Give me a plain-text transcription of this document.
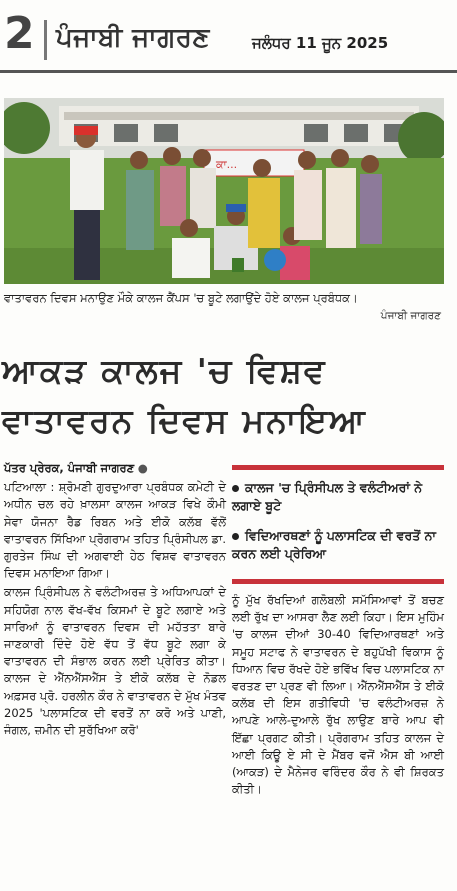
2 ਪੰਜਾਬੀ ਜਾਗਰਣ	ਜਲੰਧਰ 11 ਜੂਨ 2025
ਕਾ...
ਵਾਤਾਵਰਨ ਦਿਵਸ ਮਨਾਉਣ ਮੌਕੇ ਕਾਲਜ ਕੈਂਪਸ 'ਚ ਬੂਟੇ ਲਗਾਉਂਦੇ ਹੋਏ ਕਾਲਜ ਪ੍ਰਬੰਧਕ।
ਪੰਜਾਬੀ ਜਾਗਰਣ
ਆਕੜ ਕਾਲਜ 'ਚ ਵਿਸ਼ਵ
ਵਾਤਾਵਰਨ ਦਿਵਸ ਮਨਾਇਆ

ਪੱਤਰ ਪ੍ਰੇਰਕ, ਪੰਜਾਬੀ ਜਾਗਰਣ ●

ਪਟਿਆਲਾ : ਸ਼੍ਰੋਮਣੀ ਗੁਰਦੁਆਰਾ ਪ੍ਰਬੰਧਕ ਕਮੇਟੀ ਦੇ ਅਧੀਨ ਚਲ ਰਹੇ ਖ਼ਾਲਸਾ ਕਾਲਜ ਆਕੜ ਵਿਖੇ ਕੌਮੀ ਸੇਵਾ ਯੋਜਨਾ ਰੈਡ ਰਿਬਨ ਅਤੇ ਈਕੋ ਕਲੱਬ ਵੱਲੋਂ ਵਾਤਾਵਰਨ ਸਿੱਖਿਆ ਪ੍ਰੋਗਰਾਮ ਤਹਿਤ ਪ੍ਰਿੰਸੀਪਲ ਡਾ. ਗੁਰਤੇਜ ਸਿੰਘ ਦੀ ਅਗਵਾਈ ਹੇਠ ਵਿਸ਼ਵ ਵਾਤਾਵਰਨ ਦਿਵਸ ਮਨਾਇਆ ਗਿਆ।

ਕਾਲਜ ਪ੍ਰਿੰਸੀਪਲ ਨੇ ਵਲੰਟੀਅਰਜ਼ ਤੇ ਅਧਿਆਪਕਾਂ ਦੇ ਸਹਿਯੋਗ ਨਾਲ ਵੱਖ-ਵੱਖ ਕਿਸਮਾਂ ਦੇ ਬੂਟੇ ਲਗਾਏ ਅਤੇ ਸਾਰਿਆਂ ਨੂੰ ਵਾਤਾਵਰਨ ਦਿਵਸ ਦੀ ਮਹੱਤਤਾ ਬਾਰੇ ਜਾਣਕਾਰੀ ਦਿੰਦੇ ਹੋਏ ਵੱਧ ਤੋਂ ਵੱਧ ਬੂਟੇ ਲਗਾ ਕੇ ਵਾਤਾਵਰਨ ਦੀ ਸੰਭਾਲ ਕਰਨ ਲਈ ਪ੍ਰੇਰਿਤ ਕੀਤਾ। ਕਾਲਜ ਦੇ ਐੱਨਐੱਸਐੱਸ ਤੇ ਈਕੋ ਕਲੱਬ ਦੇ ਨੋਡਲ ਅਫ਼ਸਰ ਪ੍ਰੋ. ਹਰਲੀਨ ਕੌਰ ਨੇ ਵਾਤਾਵਰਨ ਦੇ ਮੁੱਖ ਮੰਤਵ 2025 'ਪਲਾਸਟਿਕ ਦੀ ਵਰਤੋਂ ਨਾ ਕਰੋ ਅਤੇ ਪਾਣੀ, ਜੰਗਲ, ਜ਼ਮੀਨ ਦੀ ਸੁਰੱਖਿਆ ਕਰੋ'

ਕਾਲਜ 'ਚ ਪ੍ਰਿੰਸੀਪਲ ਤੇ ਵਲੰਟੀਅਰਾਂ ਨੇ ਲਗਾਏ ਬੂਟੇ
ਵਿਦਿਆਰਥਣਾਂ ਨੂੰ ਪਲਾਸਟਿਕ ਦੀ ਵਰਤੋਂ ਨਾ ਕਰਨ ਲਈ ਪ੍ਰੇਰਿਆ

ਨੂੰ ਮੁੱਖ ਰੱਖਦਿਆਂ ਗਲੋਬਲੀ ਸਮੱਸਿਆਵਾਂ ਤੋਂ ਬਚਣ ਲਈ ਰੁੱਖ ਦਾ ਆਸਰਾ ਲੈਣ ਲਈ ਕਿਹਾ। ਇਸ ਮੁਹਿੰਮ 'ਚ ਕਾਲਜ ਦੀਆਂ 30-40 ਵਿਦਿਆਰਥਣਾਂ ਅਤੇ ਸਮੂਹ ਸਟਾਫ ਨੇ ਵਾਤਾਵਰਨ ਦੇ ਬਹੁਪੱਖੀ ਵਿਕਾਸ ਨੂੰ ਧਿਆਨ ਵਿਚ ਰੱਖਦੇ ਹੋਏ ਭਵਿੱਖ ਵਿਚ ਪਲਾਸਟਿਕ ਨਾ ਵਰਤਣ ਦਾ ਪ੍ਰਣ ਵੀ ਲਿਆ। ਐੱਨਐੱਸਐੱਸ ਤੇ ਈਕੋ ਕਲੱਬ ਦੀ ਇਸ ਗਤੀਵਿਧੀ 'ਚ ਵਲੰਟੀਅਰਜ਼ ਨੇ ਆਪਣੇ ਆਲੇ-ਦੁਆਲੇ ਰੁੱਖ ਲਾਉਣ ਬਾਰੇ ਆਪ ਵੀ ਇੱਛਾ ਪ੍ਰਗਟ ਕੀਤੀ। ਪ੍ਰੋਗਰਾਮ ਤਹਿਤ ਕਾਲਜ ਦੇ ਆਈ ਕਿਊ ਏ ਸੀ ਦੇ ਮੈਂਬਰ ਵਜੋਂ ਐਸ ਬੀ ਆਈ (ਆਕੜ) ਦੇ ਮੈਨੇਜਰ ਵਰਿੰਦਰ ਕੌਰ ਨੇ ਵੀ ਸ਼ਿਰਕਤ ਕੀਤੀ।
